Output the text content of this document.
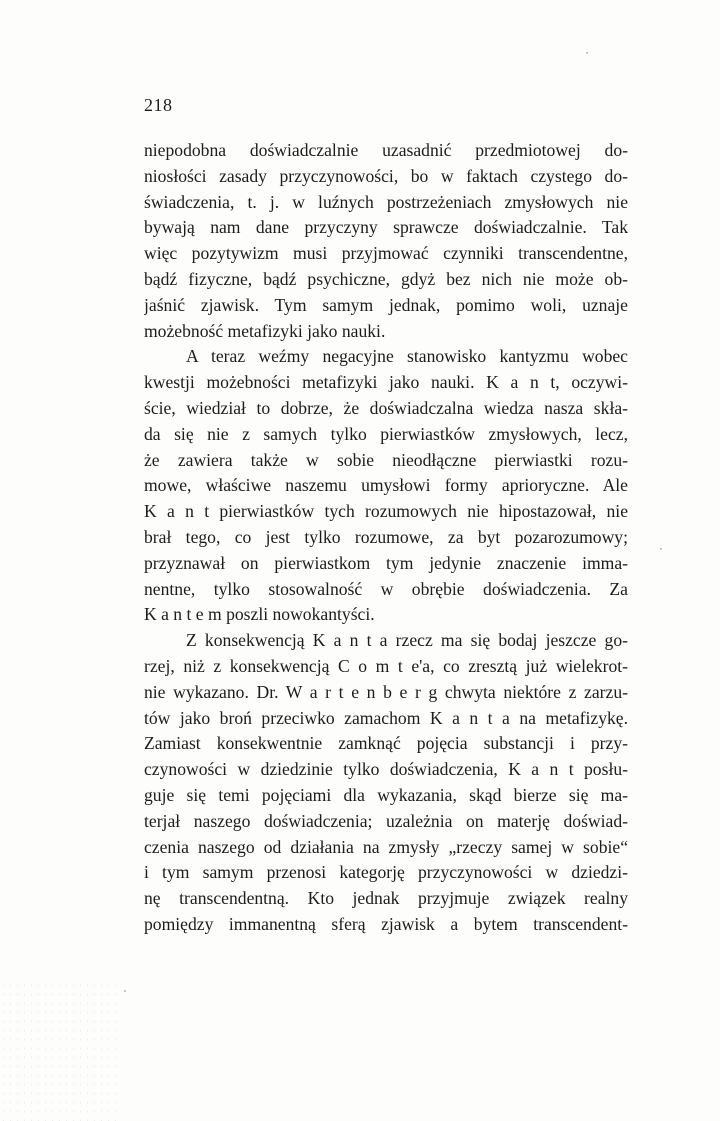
218
niepodobna doświadczalnie uzasadnić przedmiotowej do-
niosłości zasady przyczynowości, bo w faktach czystego do-
świadczenia, t. j. w luźnych postrzeżeniach zmysłowych nie
bywają nam dane przyczyny sprawcze doświadczalnie. Tak
więc pozytywizm musi przyjmować czynniki transcendentne,
bądź fizyczne, bądź psychiczne, gdyż bez nich nie może ob-
jaśnić zjawisk. Tym samym jednak, pomimo woli, uznaje
możebność metafizyki jako nauki.
A teraz weźmy negacyjne stanowisko kantyzmu wobec
kwestji możebności metafizyki jako nauki. K a n t, oczywi-
ście, wiedział to dobrze, że doświadczalna wiedza nasza skła-
da się nie z samych tylko pierwiastków zmysłowych, lecz,
że zawiera także w sobie nieodłączne pierwiastki rozu-
mowe, właściwe naszemu umysłowi formy aprioryczne. Ale
K a n t pierwiastków tych rozumowych nie hipostazował, nie
brał tego, co jest tylko rozumowe, za byt pozarozumowy;
przyznawał on pierwiastkom tym jedynie znaczenie imma-
nentne, tylko stosowalność w obrębie doświadczenia. Za
K a n t e m poszli nowokantyści.
Z konsekwencją K a n t a rzecz ma się bodaj jeszcze go-
rzej, niż z konsekwencją C o m t e'a, co zresztą już wielekrot-
nie wykazano. Dr. W a r t e n b e r g chwyta niektóre z zarzu-
tów jako broń przeciwko zamachom K a n t a na metafizykę.
Zamiast konsekwentnie zamknąć pojęcia substancji i przy-
czynowości w dziedzinie tylko doświadczenia, K a n t posłu-
guje się temi pojęciami dla wykazania, skąd bierze się ma-
terjał naszego doświadczenia; uzależnia on materję doświad-
czenia naszego od działania na zmysły „rzeczy samej w sobie“
i tym samym przenosi kategorję przyczynowości w dziedzi-
nę transcendentną. Kto jednak przyjmuje związek realny
pomiędzy immanentną sferą zjawisk a bytem transcendent-
